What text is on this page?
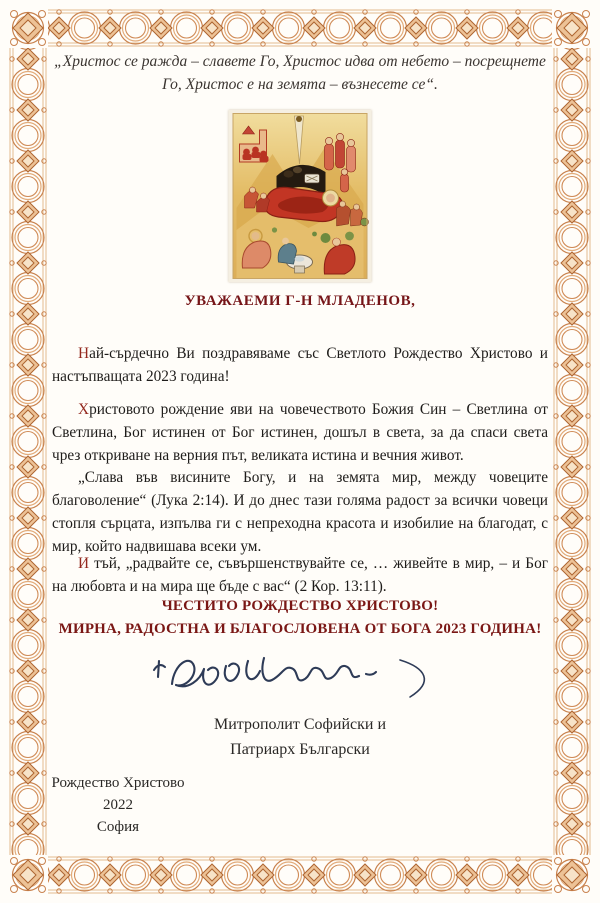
„Христос се ражда – славете Го, Христос идва от небето – посрещнете Го, Христос е на земята – възнесете се“.
УВАЖАЕМИ Г-Н МЛАДЕНОВ,

Най-сърдечно Ви поздравяваме със Светлото Рождество Христово и настъпващата 2023 година!

Христовото рождение яви на човечеството Божия Син – Светлина от Светлина, Бог истинен от Бог истинен, дошъл в света, за да спаси света чрез откриване на верния път, великата истина и вечния живот.

„Слава във висините Богу, и на земята мир, между човеците благоволение“ (Лука 2:14). И до днес тази голяма радост за всички човеци стопля сърцата, изпълва ги с непреходна красота и изобилие на благодат, с мир, който надвишава всеки ум.

И тъй, „радвайте се, съвършенствувайте се, … живейте в мир, – и Бог на любовта и на мира ще бъде с вас“ (2 Кор. 13:11).

ЧЕСТИТО РОЖДЕСТВО ХРИСТОВО!
МИРНА, РАДОСТНА И БЛАГОСЛОВЕНА ОТ БОГА 2023 ГОДИНА!
Митрополит Софийски и
Патриарх Български
Рождество Христово
2022
София
